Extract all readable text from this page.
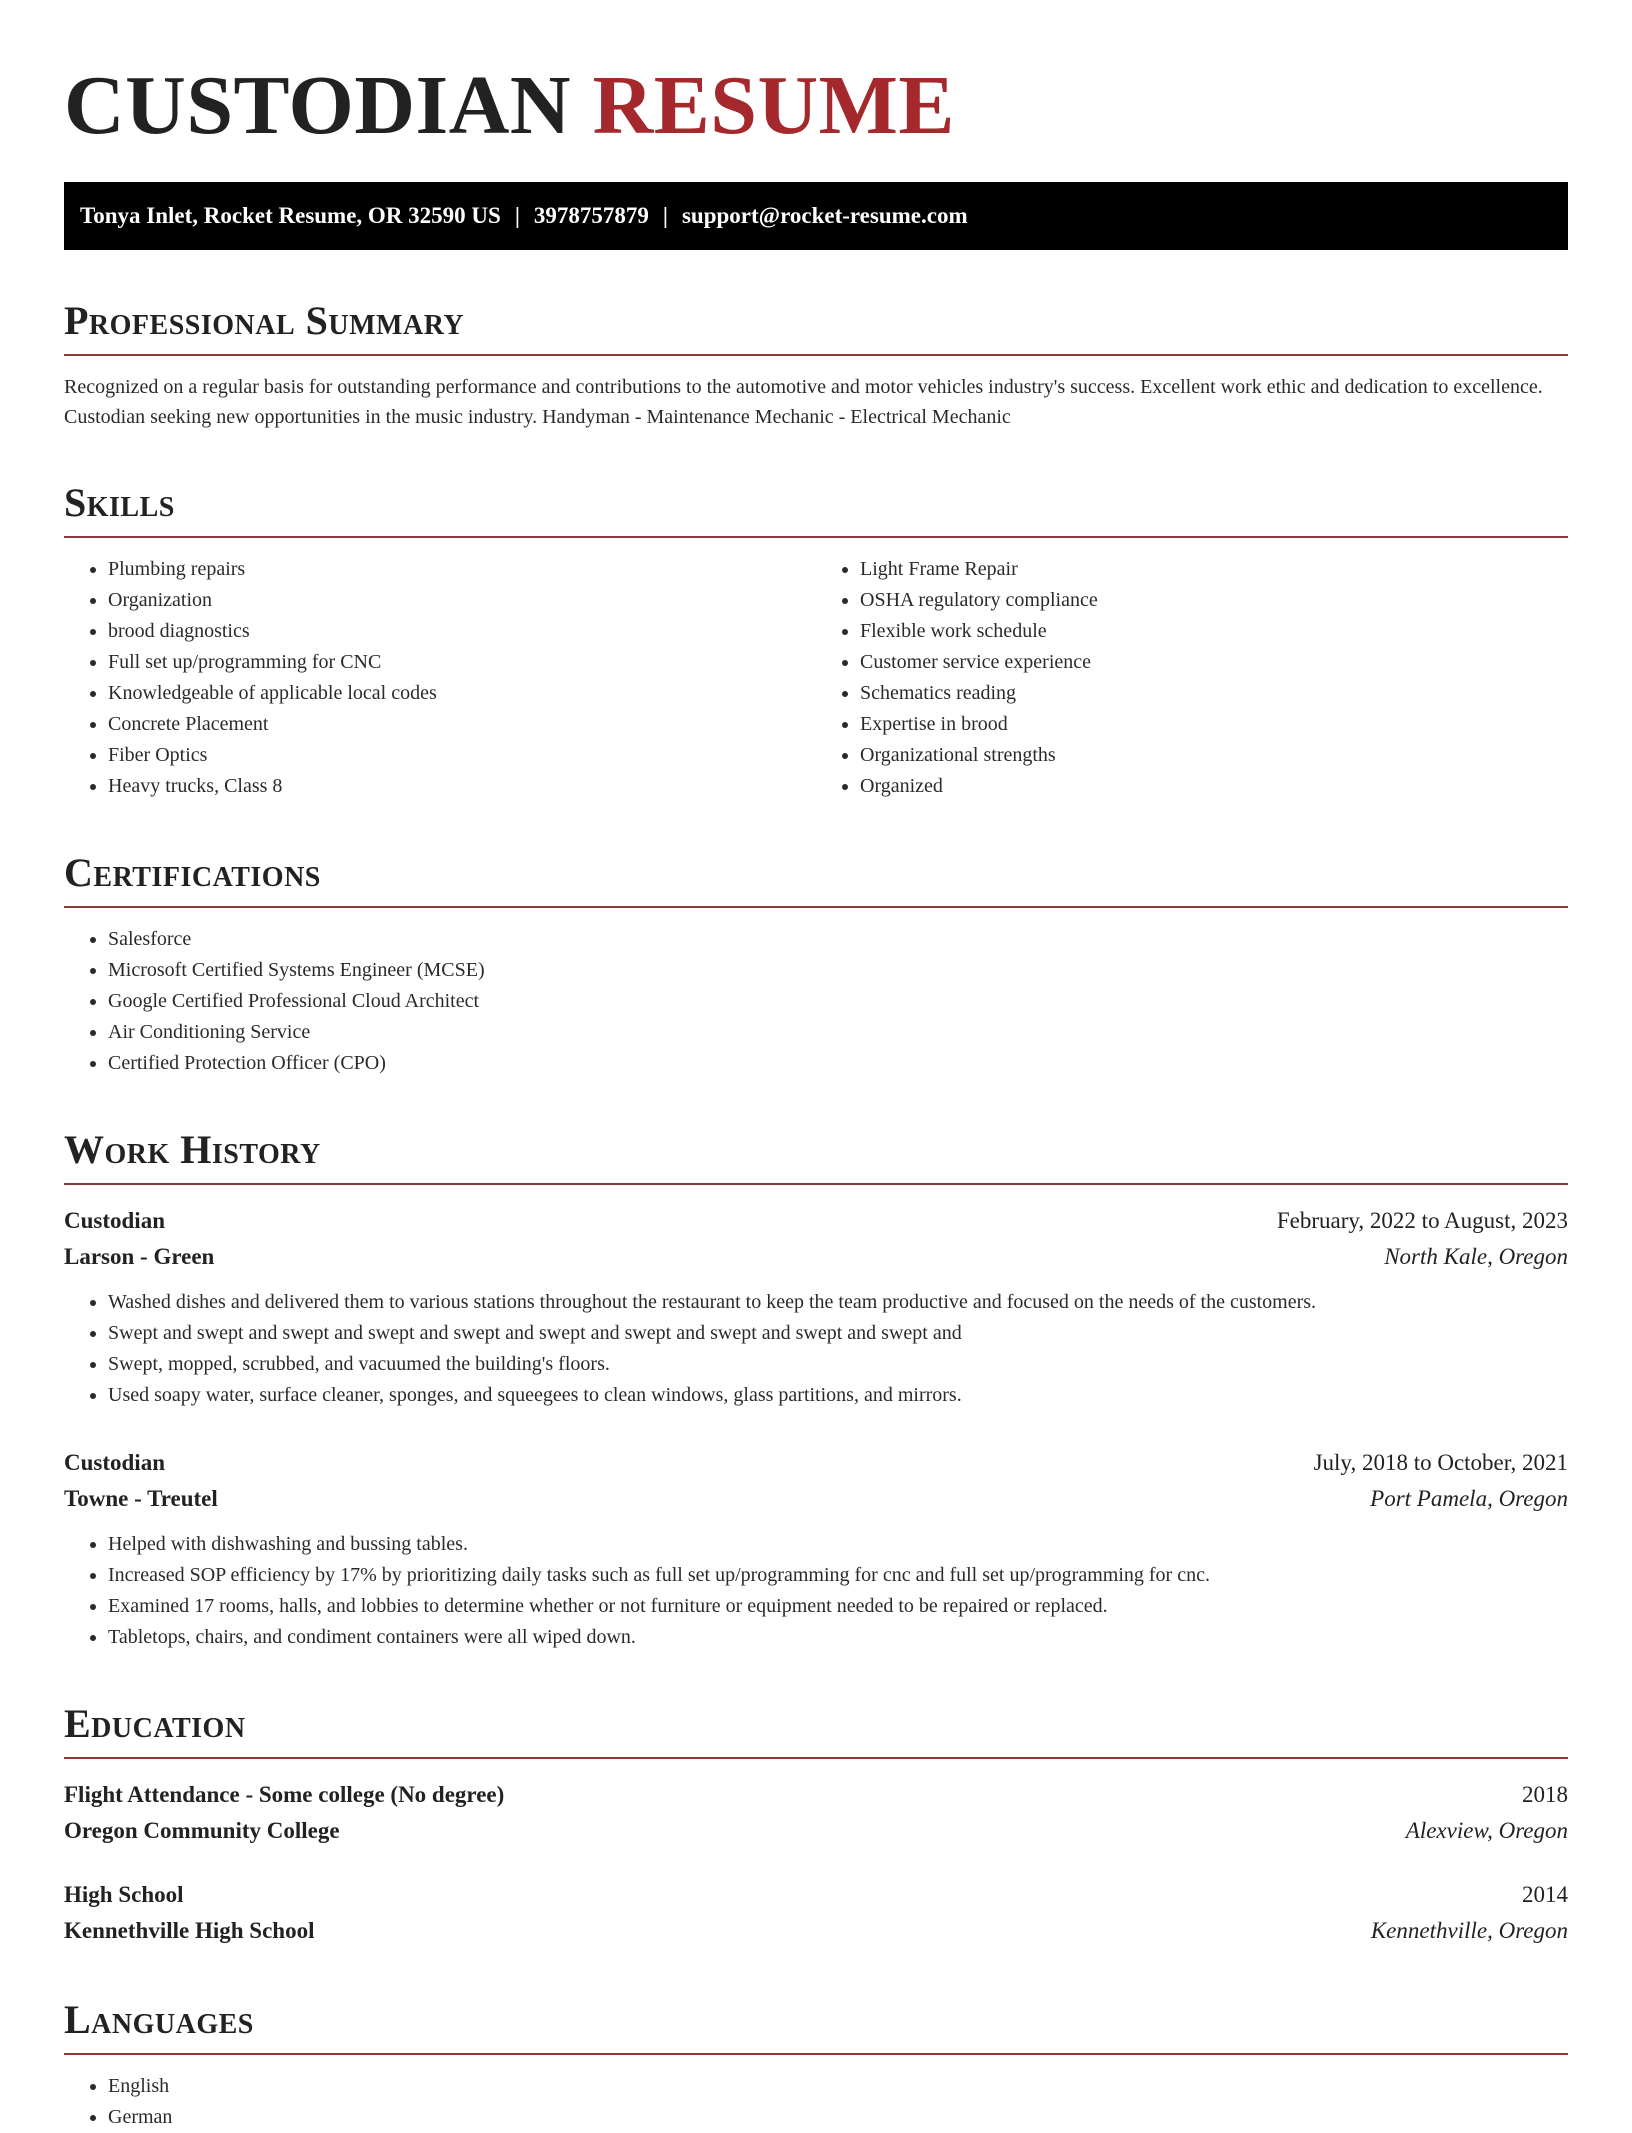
CUSTODIAN RESUME
Tonya Inlet, Rocket Resume, OR 32590 US | 3978757879 | support@rocket-resume.com
Professional Summary

Recognized on a regular basis for outstanding performance and contributions to the automotive and motor vehicles industry's success. Excellent work ethic and dedication to excellence. Custodian seeking new opportunities in the music industry. Handyman - Maintenance Mechanic - Electrical Mechanic

Skills
• Plumbing repairs
• Organization
• brood diagnostics
• Full set up/programming for CNC
• Knowledgeable of applicable local codes
• Concrete Placement
• Fiber Optics
• Heavy trucks, Class 8
• Light Frame Repair
• OSHA regulatory compliance
• Flexible work schedule
• Customer service experience
• Schematics reading
• Expertise in brood
• Organizational strengths
• Organized
Certifications
• Salesforce
• Microsoft Certified Systems Engineer (MCSE)
• Google Certified Professional Cloud Architect
• Air Conditioning Service
• Certified Protection Officer (CPO)
Work History
Custodian	February, 2022 to August, 2023
Larson - Green	North Kale, Oregon
• Washed dishes and delivered them to various stations throughout the restaurant to keep the team productive and focused on the needs of the customers.
• Swept and swept and swept and swept and swept and swept and swept and swept and swept and swept and
• Swept, mopped, scrubbed, and vacuumed the building's floors.
• Used soapy water, surface cleaner, sponges, and squeegees to clean windows, glass partitions, and mirrors.
Custodian	July, 2018 to October, 2021
Towne - Treutel	Port Pamela, Oregon
• Helped with dishwashing and bussing tables.
• Increased SOP efficiency by 17% by prioritizing daily tasks such as full set up/programming for cnc and full set up/programming for cnc.
• Examined 17 rooms, halls, and lobbies to determine whether or not furniture or equipment needed to be repaired or replaced.
• Tabletops, chairs, and condiment containers were all wiped down.
Education
Flight Attendance - Some college (No degree)	2018
Oregon Community College	Alexview, Oregon
High School	2014
Kennethville High School	Kennethville, Oregon
Languages
• English
• German
